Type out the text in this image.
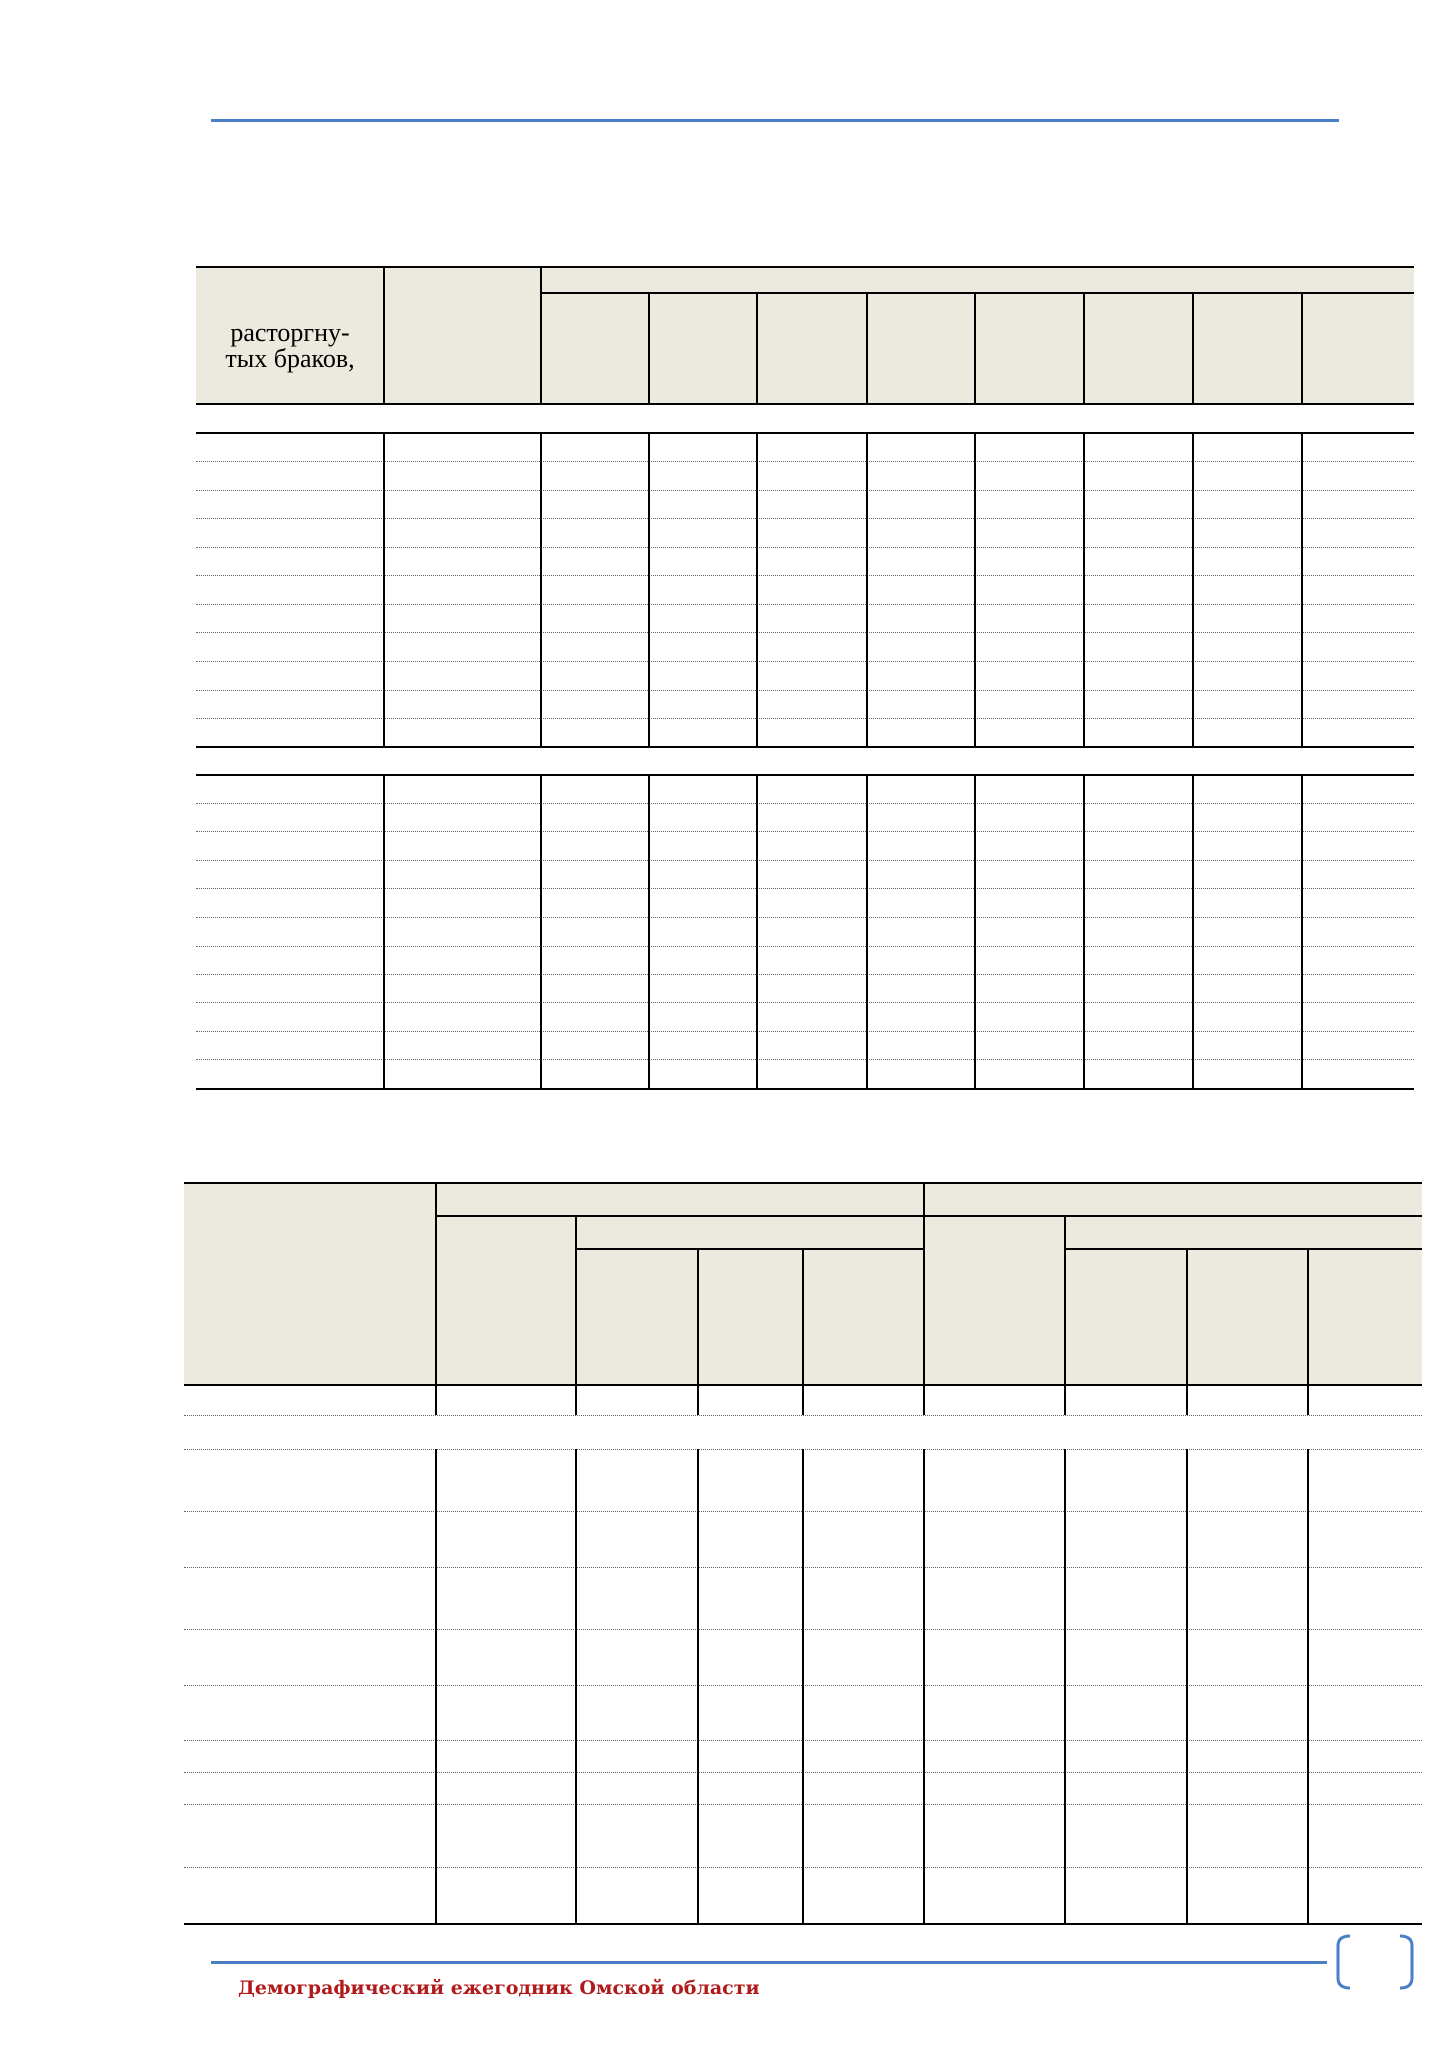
расторгну-
тых браков,
Демографический ежегодник Омской области
